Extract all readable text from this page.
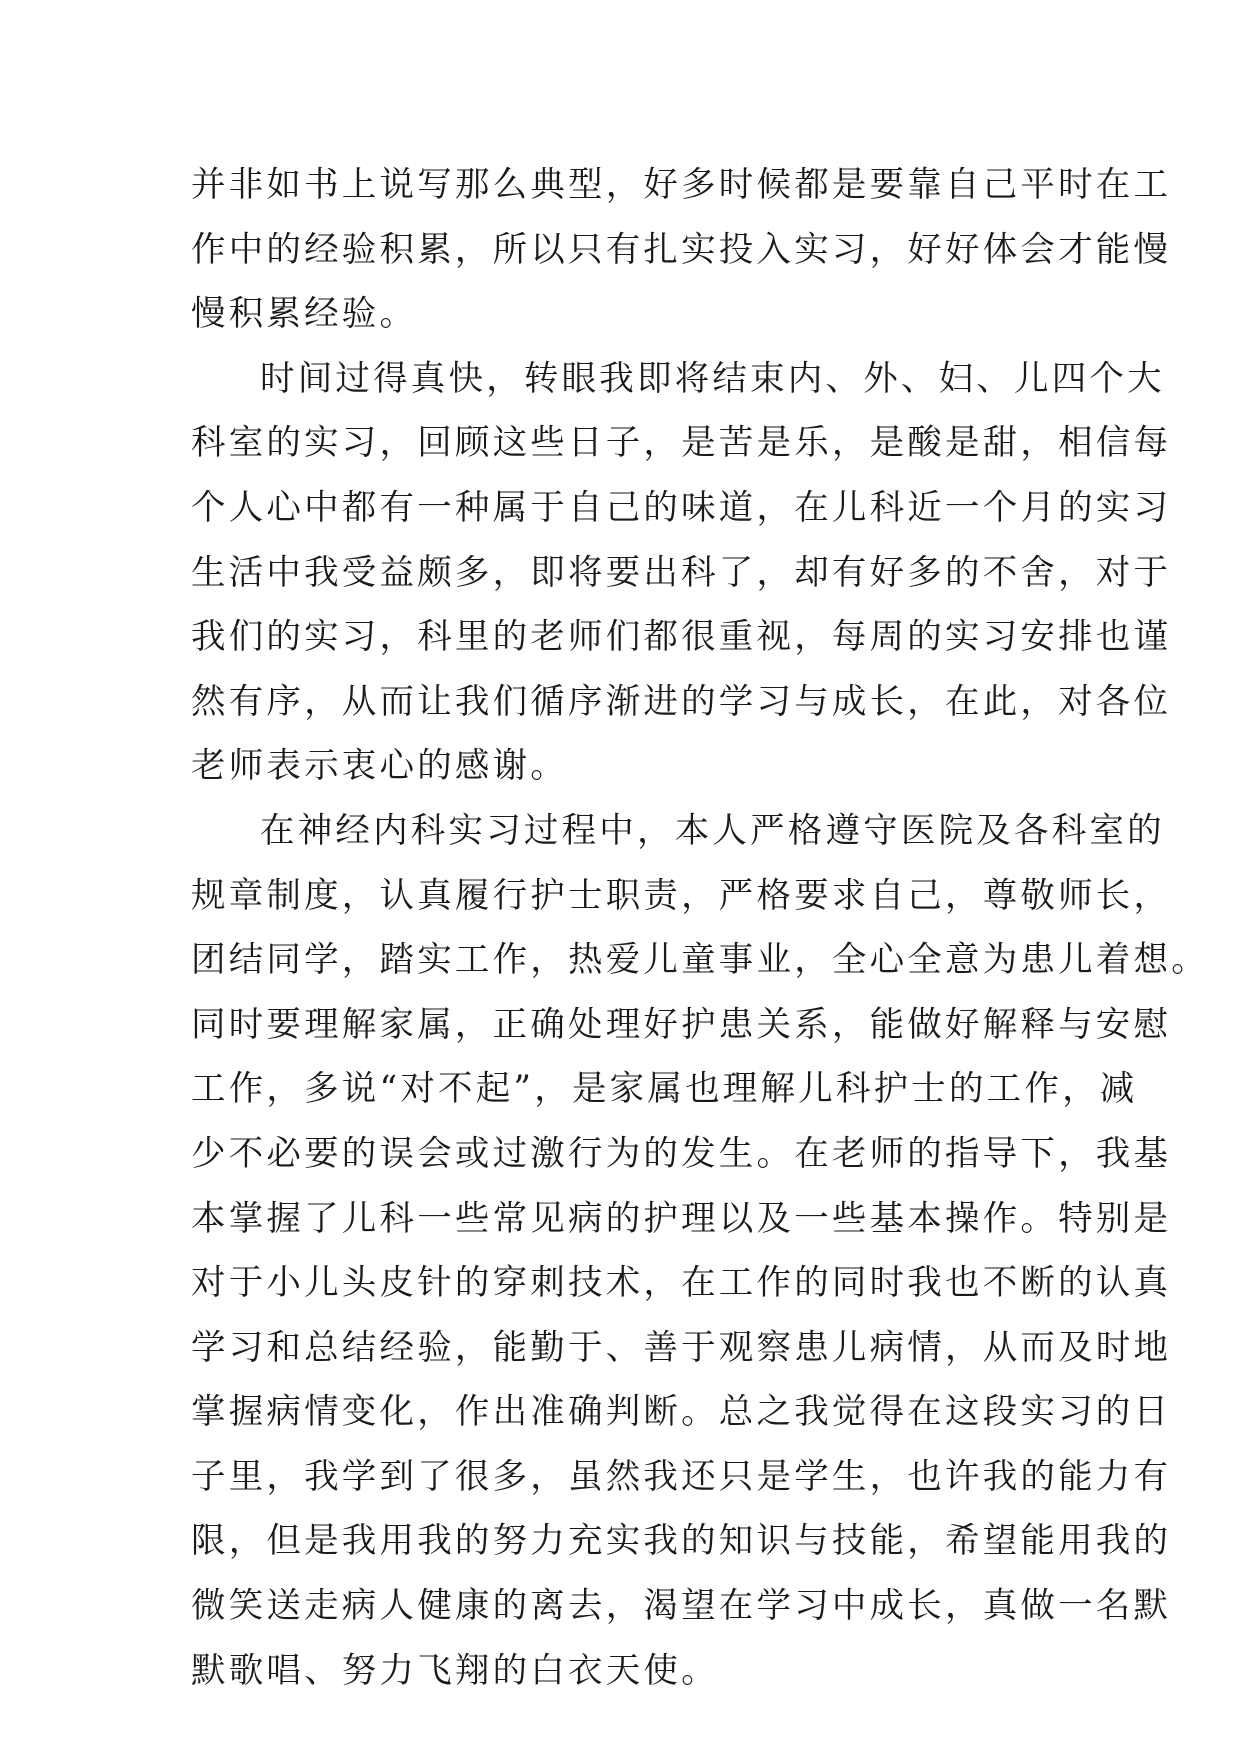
并非如书上说写那么典型，好多时候都是要靠自己平时在工
作中的经验积累，所以只有扎实投入实习，好好体会才能慢
慢积累经验。
时间过得真快，转眼我即将结束内、外、妇、儿四个大
科室的实习，回顾这些日子，是苦是乐，是酸是甜，相信每
个人心中都有一种属于自己的味道，在儿科近一个月的实习
生活中我受益颇多，即将要出科了，却有好多的不舍，对于
我们的实习，科里的老师们都很重视，每周的实习安排也谨
然有序，从而让我们循序渐进的学习与成长，在此，对各位
老师表示衷心的感谢。
在神经内科实习过程中，本人严格遵守医院及各科室的
规章制度，认真履行护士职责，严格要求自己，尊敬师长，
团结同学，踏实工作，热爱儿童事业，全心全意为患儿着想。
同时要理解家属，正确处理好护患关系，能做好解释与安慰
工作，多说“对不起”，是家属也理解儿科护士的工作，减
少不必要的误会或过激行为的发生。在老师的指导下，我基
本掌握了儿科一些常见病的护理以及一些基本操作。特别是
对于小儿头皮针的穿刺技术，在工作的同时我也不断的认真
学习和总结经验，能勤于、善于观察患儿病情，从而及时地
掌握病情变化，作出准确判断。总之我觉得在这段实习的日
子里，我学到了很多，虽然我还只是学生，也许我的能力有
限，但是我用我的努力充实我的知识与技能，希望能用我的
微笑送走病人健康的离去，渴望在学习中成长，真做一名默
默歌唱、努力飞翔的白衣天使。
